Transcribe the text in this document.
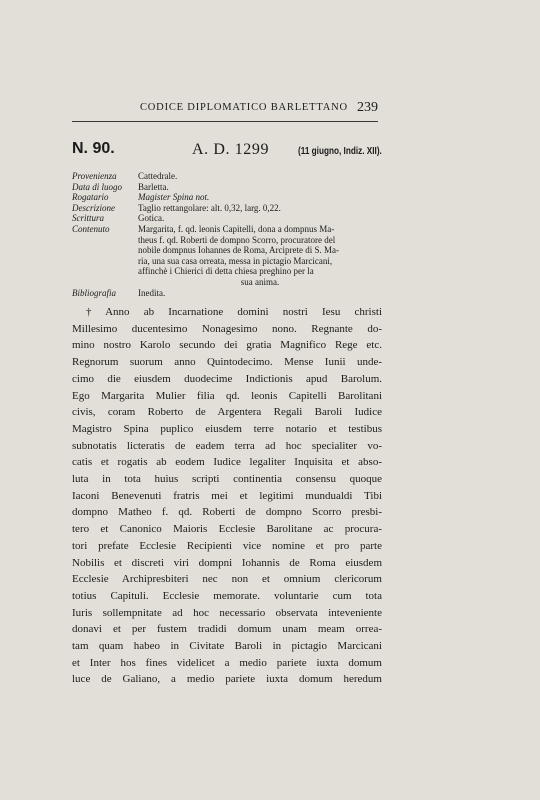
CODICE DIPLOMATICO BARLETTANO 239
N. 90.	A. D. 1299	(11 giugno, Indiz. XII).
Provenienza	Cattedrale.
Data di luogo	Barletta.
Rogatario	Magister Spina not.
Descrizione	Taglio rettangolare: alt. 0,32, larg. 0,22.
Scrittura	Gotica.
Contenuto	Margarita, f. qd. leonis Capitelli, dona a dompnus Ma-
theus f. qd. Roberti de dompno Scorro, procuratore del
nobile dompnus Iohannes de Roma, Arciprete di S. Ma-
ria, una sua casa orreata, messa in pictagio Marcicani,
affinchè i Chierici di detta chiesa preghino per la
sua anima.
Bibliografia	Inedita.
† Anno ab Incarnatione domini nostri Iesu christi
Millesimo ducentesimo Nonagesimo nono. Regnante do-
mino nostro Karolo secundo dei gratia Magnifico Rege etc.
Regnorum suorum anno Quintodecimo. Mense Iunii unde-
cimo die eiusdem duodecime Indictionis apud Barolum.
Ego Margarita Mulier filia qd. leonis Capitelli Barolitani
civis, coram Roberto de Argentera Regali Baroli Iudice
Magistro Spina puplico eiusdem terre notario et testibus
subnotatis licteratis de eadem terra ad hoc specialiter vo-
catis et rogatis ab eodem Iudice legaliter Inquisita et abso-
luta in tota huius scripti continentia consensu quoque
Iaconi Benevenuti fratris mei et legitimi mundualdi Tibi
dompno Matheo f. qd. Roberti de dompno Scorro presbi-
tero et Canonico Maioris Ecclesie Barolitane ac procura-
tori prefate Ecclesie Recipienti vice nomine et pro parte
Nobilis et discreti viri dompni Iohannis de Roma eiusdem
Ecclesie Archipresbiteri nec non et omnium clericorum
totius Capituli. Ecclesie memorate. voluntarie cum tota
Iuris sollempnitate ad hoc necessario observata inteveniente
donavi et per fustem tradidi domum unam meam orrea-
tam quam habeo in Civitate Baroli in pictagio Marcicani
et Inter hos fines videlicet a medio pariete iuxta domum
luce de Galiano, a medio pariete iuxta domum heredum
